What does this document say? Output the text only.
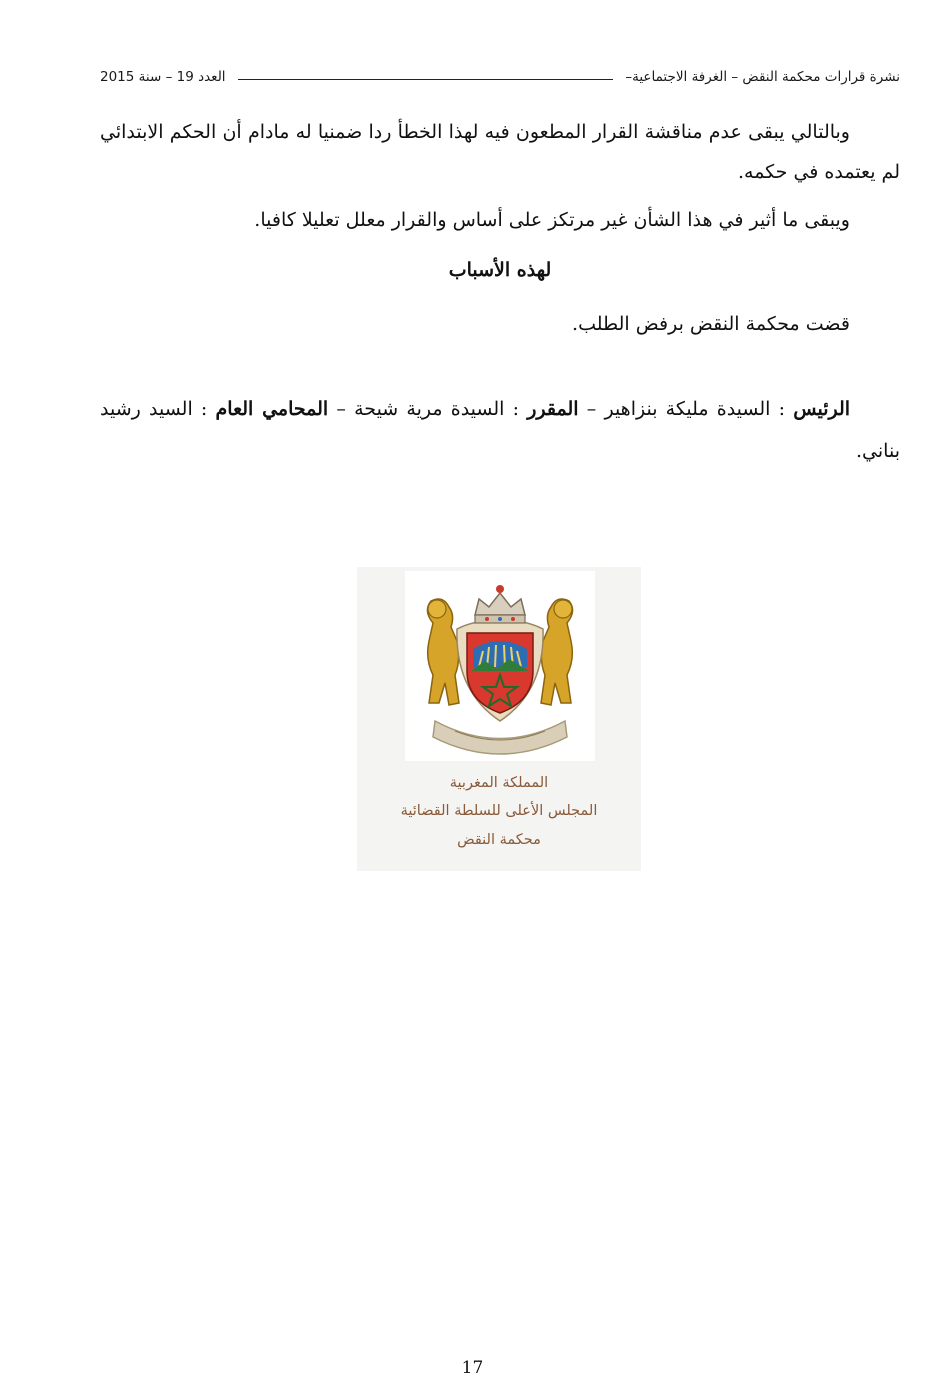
نشرة قرارات محكمة النقض – الغرفة الاجتماعية–
العدد 19 – سنة 2015

وبالتالي يبقى عدم مناقشة القرار المطعون فيه لهذا الخطأ ردا ضمنيا له مادام أن الحكم الابتدائي لم يعتمده في حكمه.

ويبقى ما أثير في هذا الشأن غير مرتكز على أساس والقرار معلل تعليلا كافيا.

لهذه الأسباب

قضت محكمة النقض برفض الطلب.

الرئيس : السيدة مليكة بنزاهير – المقرر : السيدة مرية شيحة – المحامي العام : السيد رشيد بناني.

المملكة المغربية
المجلس الأعلى للسلطة القضائية
محكمة النقض
17
